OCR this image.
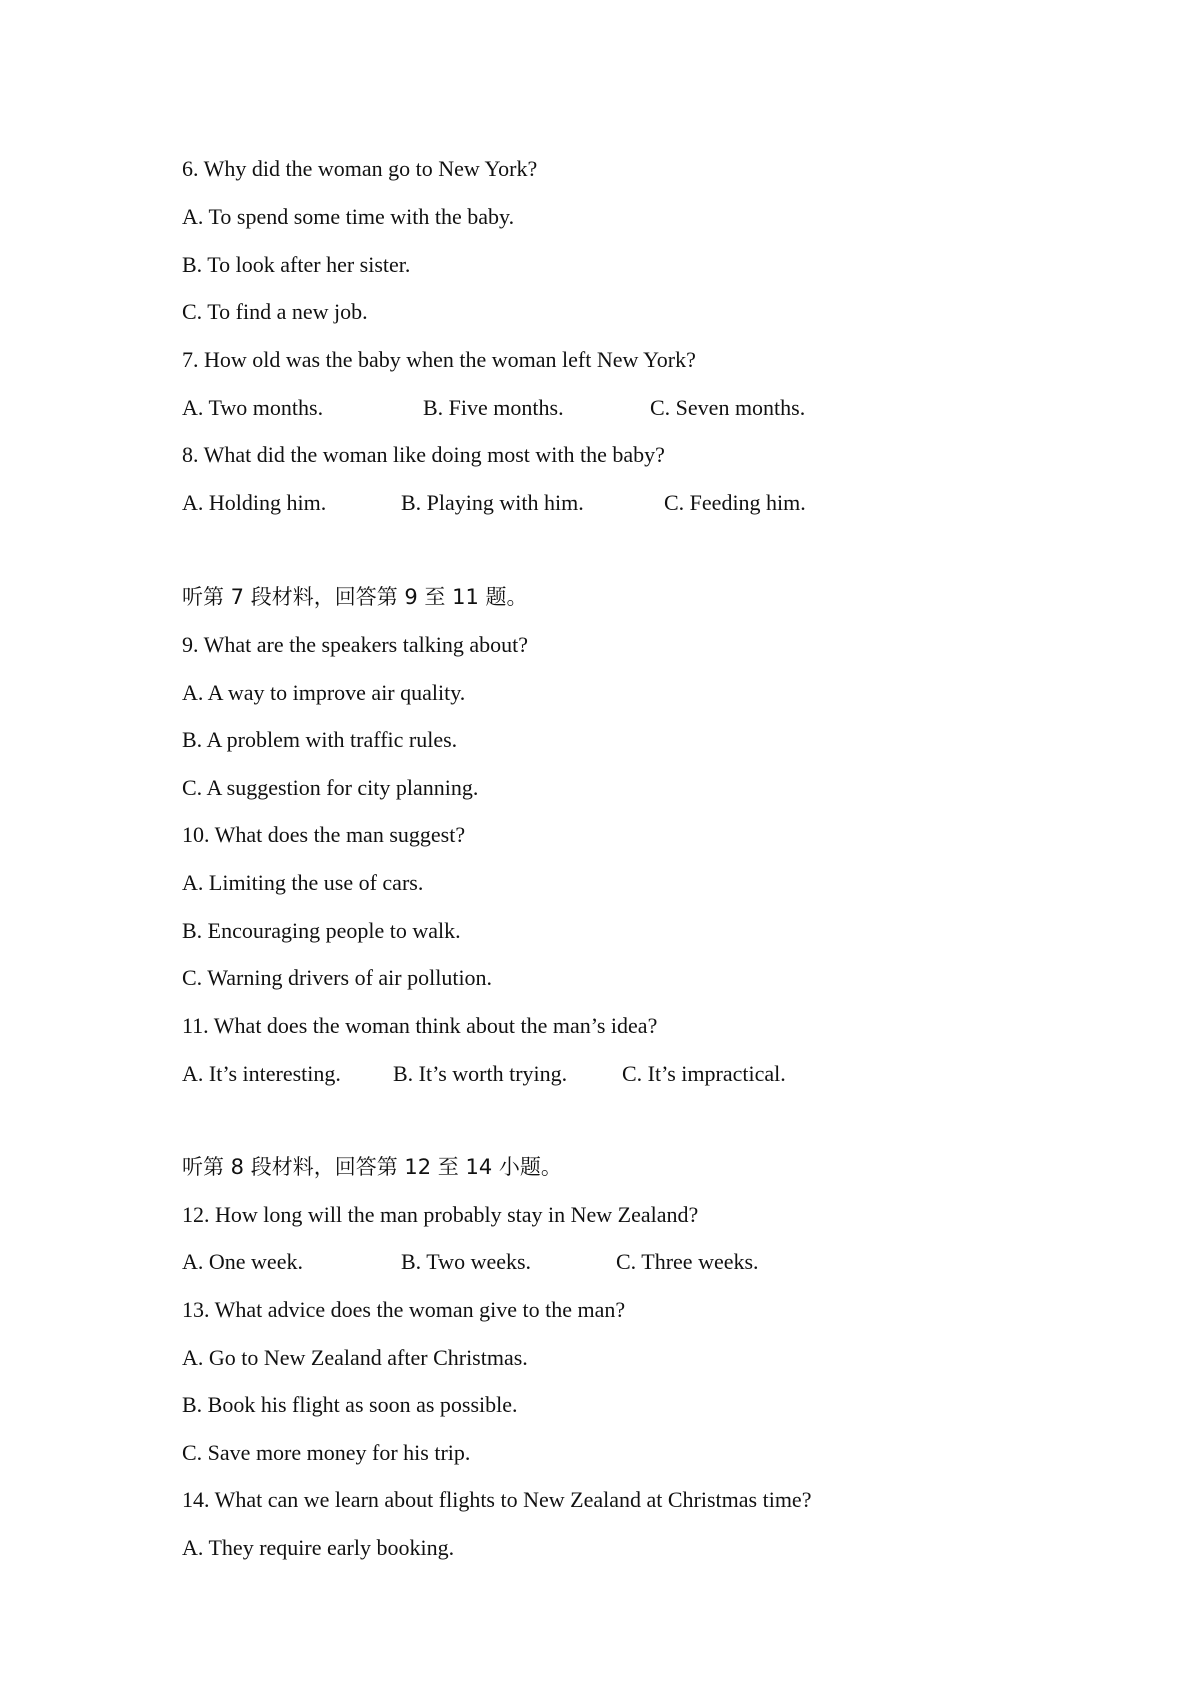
6. Why did the woman go to New York?
A. To spend some time with the baby.
B. To look after her sister.
C. To find a new job.
7. How old was the baby when the woman left New York?
A. Two months.	B. Five months.	C. Seven months.
8. What did the woman like doing most with the baby?
A. Holding him.	B. Playing with him.	C. Feeding him.
听第 7 段材料，回答第 9 至 11 题。
9. What are the speakers talking about?
A. A way to improve air quality.
B. A problem with traffic rules.
C. A suggestion for city planning.
10. What does the man suggest?
A. Limiting the use of cars.
B. Encouraging people to walk.
C. Warning drivers of air pollution.
11. What does the woman think about the man’s idea?
A. It’s interesting. B. It’s worth trying. C. It’s impractical.
听第 8 段材料，回答第 12 至 14 小题。
12. How long will the man probably stay in New Zealand?
A. One week.	B. Two weeks.	C. Three weeks.
13. What advice does the woman give to the man?
A. Go to New Zealand after Christmas.
B. Book his flight as soon as possible.
C. Save more money for his trip.
14. What can we learn about flights to New Zealand at Christmas time?
A. They require early booking.
